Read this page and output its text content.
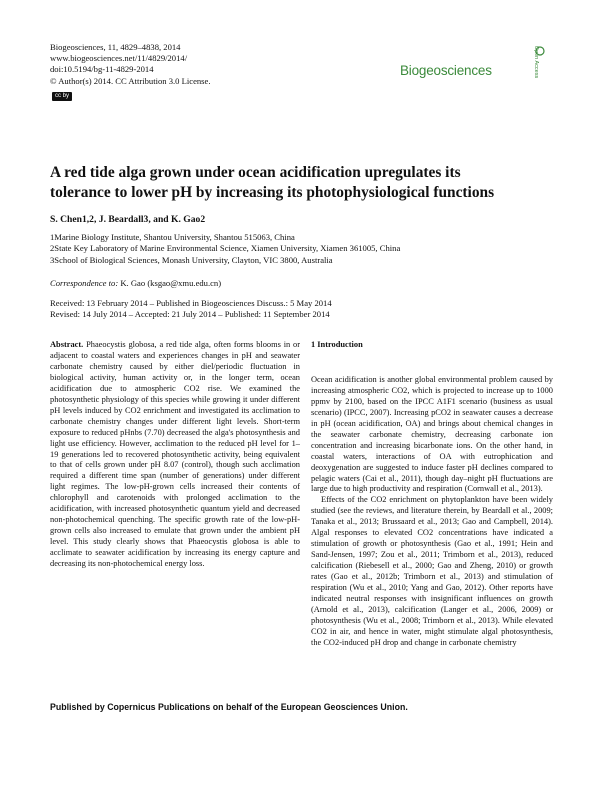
Biogeosciences, 11, 4829–4838, 2014
www.biogeosciences.net/11/4829/2014/
doi:10.5194/bg-11-4829-2014
© Author(s) 2014. CC Attribution 3.0 License.
cc by
Biogeosciences	Open Access
A red tide alga grown under ocean acidification upregulates its
tolerance to lower pH by increasing its photophysiological functions
S. Chen1,2, J. Beardall3, and K. Gao2
1Marine Biology Institute, Shantou University, Shantou 515063, China
2State Key Laboratory of Marine Environmental Science, Xiamen University, Xiamen 361005, China
3School of Biological Sciences, Monash University, Clayton, VIC 3800, Australia
Correspondence to: K. Gao (ksgao@xmu.edu.cn)
Received: 13 February 2014 – Published in Biogeosciences Discuss.: 5 May 2014
Revised: 14 July 2014 – Accepted: 21 July 2014 – Published: 11 September 2014
Abstract. Phaeocystis globosa, a red tide alga, often forms blooms in or adjacent to coastal waters and experiences changes in pH and seawater carbonate chemistry caused by either diel/periodic fluctuation in biological activity, human activity or, in the longer term, ocean acidification due to atmospheric CO2 rise. We examined the photosynthetic physiology of this species while growing it under different pH levels induced by CO2 enrichment and investigated its acclimation to carbonate chemistry changes under different light levels. Short-term exposure to reduced pHnbs (7.70) decreased the alga's photosynthesis and light use efficiency. However, acclimation to the reduced pH level for 1–19 generations led to recovered photosynthetic activity, being equivalent to that of cells grown under pH 8.07 (control), though such acclimation required a different time span (number of generations) under different light regimes. The low-pH-grown cells increased their contents of chlorophyll and carotenoids with prolonged acclimation to the acidification, with increased photosynthetic quantum yield and decreased non-photochemical quenching. The specific growth rate of the low-pH-grown cells also increased to emulate that grown under the ambient pH level. This study clearly shows that Phaeocystis globosa is able to acclimate to seawater acidification by increasing its energy capture and decreasing its non-photochemical energy loss.
1 Introduction

Ocean acidification is another global environmental problem caused by increasing atmospheric CO2, which is projected to increase up to 1000 ppmv by 2100, based on the IPCC A1F1 scenario (business as usual scenario) (IPCC, 2007). Increasing pCO2 in seawater causes a decrease in pH (ocean acidification, OA) and brings about chemical changes in the seawater carbonate chemistry, decreasing carbonate ion concentration and increasing bicarbonate ions. On the other hand, in coastal waters, interactions of OA with eutrophication and deoxygenation are suggested to induce faster pH declines compared to pelagic waters (Cai et al., 2011), though day–night pH fluctuations are large due to high productivity and respiration (Cornwall et al., 2013).

Effects of the CO2 enrichment on phytoplankton have been widely studied (see the reviews, and literature therein, by Beardall et al., 2009; Tanaka et al., 2013; Brussaard et al., 2013; Gao and Campbell, 2014). Algal responses to elevated CO2 concentrations have indicated a stimulation of growth or photosynthesis (Gao et al., 1991; Hein and Sand-Jensen, 1997; Zou et al., 2011; Trimborn et al., 2013), reduced calcification (Riebesell et al., 2000; Gao and Zheng, 2010) or growth rates (Gao et al., 2012b; Trimborn et al., 2013) and stimulation of respiration (Wu et al., 2010; Yang and Gao, 2012). Other reports have indicated neutral responses with insignificant influences on growth (Arnold et al., 2013), calcification (Langer et al., 2006, 2009) or photosynthesis (Wu et al., 2008; Trimborn et al., 2013). While elevated CO2 in air, and hence in water, might stimulate algal photosynthesis, the CO2-induced pH drop and change in carbonate chemistry

Published by Copernicus Publications on behalf of the European Geosciences Union.
